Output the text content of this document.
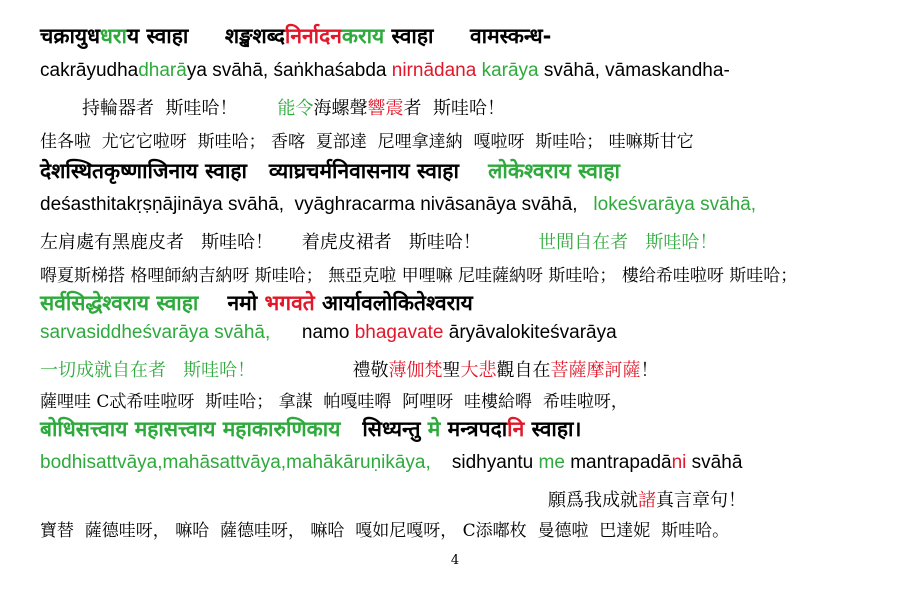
चक्रायुधधराय स्वाहा     शङ्खशब्दनिर्नादनकराय स्वाहा     वामस्कन्ध-
cakrāyudhadharāya svāhā, śaṅkhaśabda nirnādana karāya svāhā, vāmaskandha-
持輪器者  斯哇哈！       能令海螺聲響震者  斯哇哈！
佳各啦  尤它它啦呀  斯哇哈； 香喀  夏部達  尼哩拿達納  嘎啦呀  斯哇哈； 哇嘛斯甘它
देशस्थितकृष्णाजिनाय स्वाहा   व्याघ्रचर्मनिवासनाय स्वाहा    लोकेश्वराय स्वाहा
deśasthitakṛṣṇājināya svāhā,  vyāghracarma nivāsanāya svāhā,   lokeśvarāya svāhā,
左肩處有黑鹿皮者   斯哇哈！     着虎皮裙者   斯哇哈！          世間自在者   斯哇哈！
嘚夏斯梯搭 格哩師納吉納呀 斯哇哈； 無亞克啦 甲哩嘛 尼哇薩納呀 斯哇哈； 樓给希哇啦呀 斯哇哈；
सर्वसिद्धेश्वराय स्वाहा    नमो भगवते आर्यावलोकितेश्वराय
sarvasiddheśvarāya svāhā,      namo bhagavate āryāvalokiteśvarāya
一切成就自在者   斯哇哈！                 禮敬薄伽梵聖大悲觀自在菩薩摩訶薩！
薩哩哇 C忒希哇啦呀  斯哇哈； 拿謀  帕嘎哇嘚  阿哩呀  哇樓給嘚  希哇啦呀，
बोधिसत्त्वाय महासत्त्वाय महाकारुणिकाय   सिध्यन्तु मे मन्त्रपदानि स्वाहा।
bodhisattvāya,mahāsattvāya,mahākāruṇikāya,    sidhyantu me mantrapadāni svāhā
願爲我成就諸真言章句！
寶替  薩德哇呀， 嘛哈  薩德哇呀， 嘛哈  嘎如尼嘎呀， C添嘟枚  曼德啦  巴達妮  斯哇哈。
4
